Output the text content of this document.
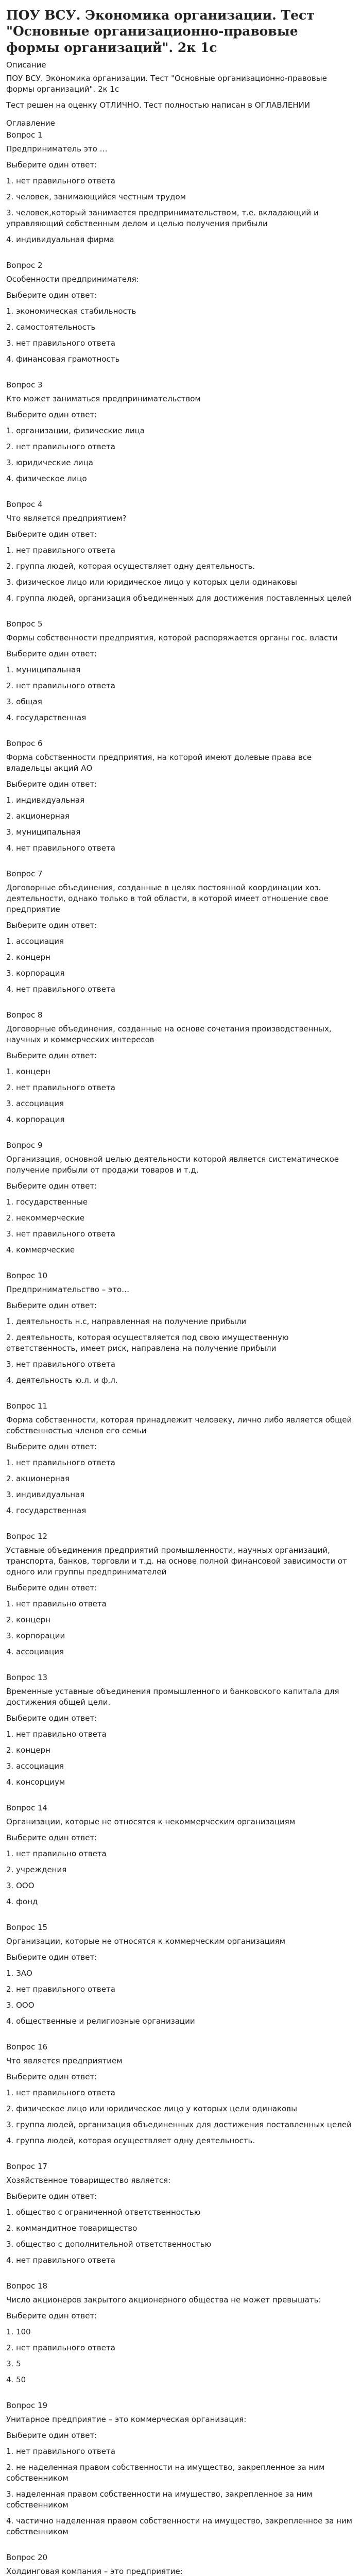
ПОУ ВСУ. Экономика организации. Тест "Основные организационно-правовые формы организаций". 2к 1с
Описание
ПОУ ВСУ. Экономика организации. Тест "Основные организационно-правовые формы организаций". 2к 1с
Тест решен на оценку ОТЛИЧНО. Тест полностью написан в ОГЛАВЛЕНИИ
Оглавление
Вопрос 1
Предприниматель это …
Выберите один ответ:
1. нет правильного ответа
2. человек, занимающийся честным трудом
3. человек,который занимается предпринимательством, т.е. вкладающий и управляющий собственным делом и целью получения прибыли
4. индивидуальная фирма
Вопрос 2
Особенности предпринимателя:
Выберите один ответ:
1. экономическая стабильность
2. самостоятельность
3. нет правильного ответа
4. финансовая грамотность
Вопрос 3
Кто может заниматься предпринимательством
Выберите один ответ:
1. организации, физические лица
2. нет правильного ответа
3. юридические лица
4. физическое лицо
Вопрос 4
Что является предприятием?
Выберите один ответ:
1. нет правильного ответа
2. группа людей, которая осуществляет одну деятельность.
3. физическое лицо или юридическое лицо у которых цели одинаковы
4. группа людей, организация объединенных для достижения поставленных целей
Вопрос 5
Формы собственности предприятия, которой распоряжается органы гос. власти
Выберите один ответ:
1. муниципальная
2. нет правильного ответа
3. общая
4. государственная
Вопрос 6
Форма собственности предприятия, на которой имеют долевые права все владельцы акций АО
Выберите один ответ:
1. индивидуальная
2. акционерная
3. муниципальная
4. нет правильного ответа
Вопрос 7
Договорные объединения, созданные в целях постоянной координации хоз. деятельности, однако только в той области, в которой имеет отношение свое предприятие
Выберите один ответ:
1. ассоциация
2. концерн
3. корпорация
4. нет правильного ответа
Вопрос 8
Договорные объединения, созданные на основе сочетания производственных, научных и коммерческих интересов
Выберите один ответ:
1. концерн
2. нет правильного ответа
3. ассоциация
4. корпорация
Вопрос 9
Организация, основной целью деятельности которой является систематическое получение прибыли от продажи товаров и т.д.
Выберите один ответ:
1. государственные
2. некоммерческие
3. нет правильного ответа
4. коммерческие
Вопрос 10
Предпринимательство – это…
Выберите один ответ:
1. деятельность н.с, направленная на получение прибыли
2. деятельность, которая осуществляется под свою имущественную ответственность, имеет риск, направлена на получение прибыли
3. нет правильного ответа
4. деятельность ю.л. и ф.л.
Вопрос 11
Форма собственности, которая принадлежит человеку, лично либо является общей собственностью членов его семьи
Выберите один ответ:
1. нет правильного ответа
2. акционерная
3. индивидуальная
4. государственная
Вопрос 12
Уставные объединения предприятий промышленности, научных организаций, транспорта, банков, торговли и т.д. на основе полной финансовой зависимости от одного или группы предпринимателей
Выберите один ответ:
1. нет правильно ответа
2. концерн
3. корпорации
4. ассоциация
Вопрос 13
Временные уставные объединения промышленного и банковского капитала для достижения общей цели.
Выберите один ответ:
1. нет правильно ответа
2. концерн
3. ассоциация
4. консорциум
Вопрос 14
Организации, которые не относятся к некоммерческим организациям
Выберите один ответ:
1. нет правильно ответа
2. учреждения
3. ООО
4. фонд
Вопрос 15
Организации, которые не относятся к коммерческим организациям
Выберите один ответ:
1. ЗАО
2. нет правильного ответа
3. ООО
4. общественные и религиозные организации
Вопрос 16
Что является предприятием
Выберите один ответ:
1. нет правильного ответа
2. физическое лицо или юридическое лицо у которых цели одинаковы
3. группа людей, организация объединенных для достижения поставленных целей
4. группа людей, которая осуществляет одну деятельность.
Вопрос 17
Хозяйственное товарищество является:
Выберите один ответ:
1. общество с ограниченной ответственностью
2. коммандитное товарищество
3. общество с дополнительной ответственностью
4. нет правильного ответа
Вопрос 18
Число акционеров закрытого акционерного общества не может превышать:
Выберите один ответ:
1. 100
2. нет правильного ответа
3. 5
4. 50
Вопрос 19
Унитарное предприятие – это коммерческая организация:
Выберите один ответ:
1. нет правильного ответа
2. не наделенная правом собственности на имущество, закрепленное за ним собственником
3. наделенная правом собственности на имущество, закрепленное за ним собственником
4. частично наделенная правом собственности на имущество, закрепленное за ним собственником
Вопрос 20
Холдинговая компания – это предприятие:
